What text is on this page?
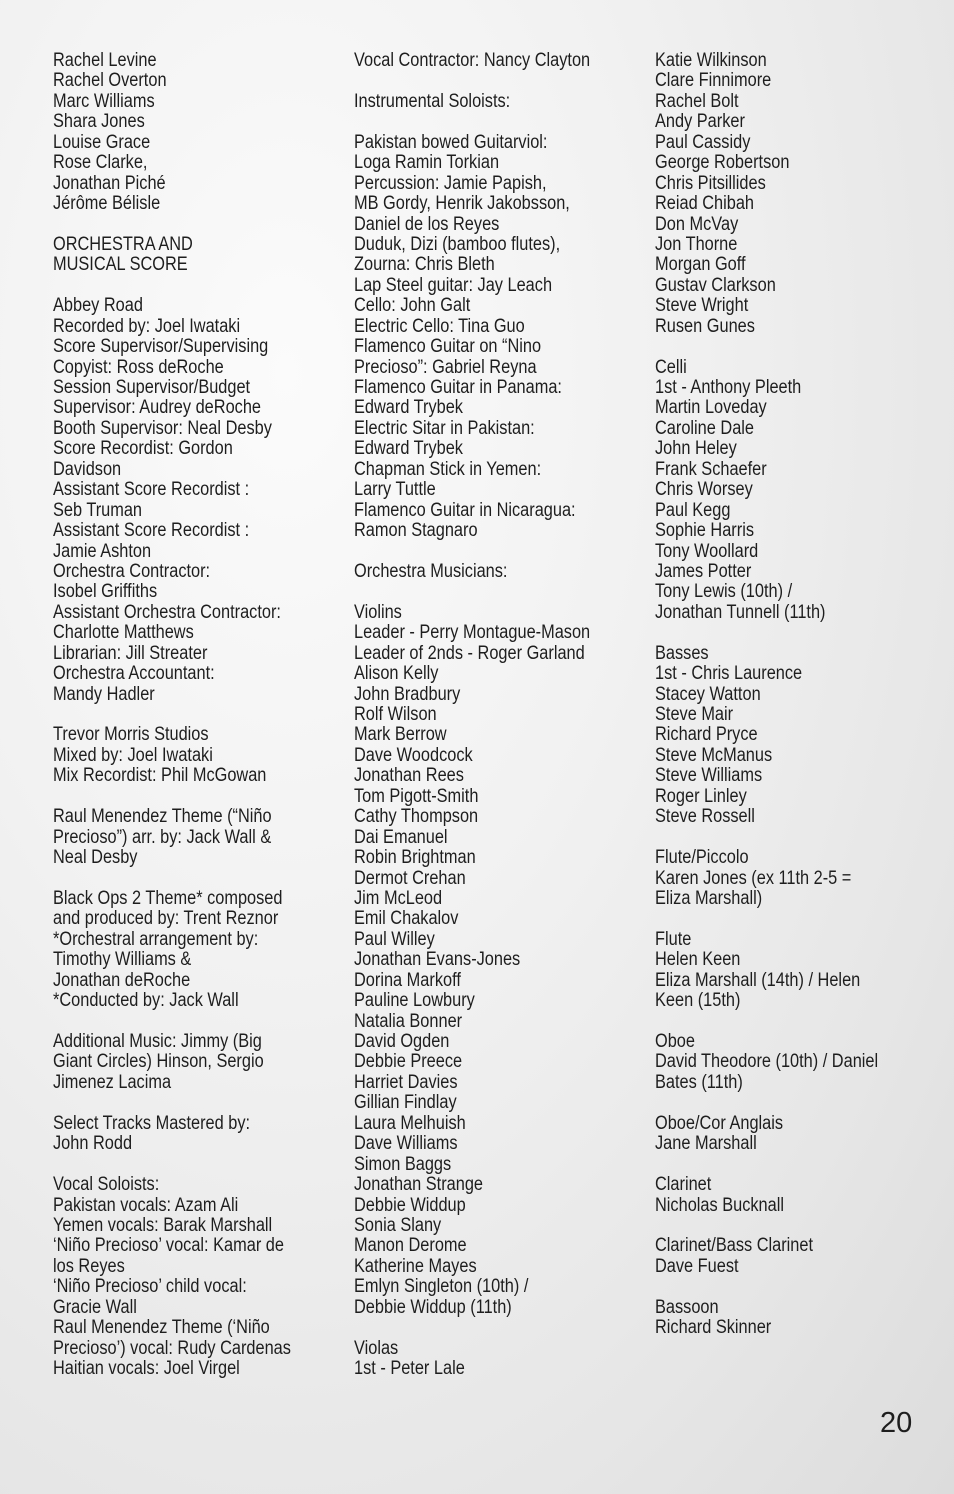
Rachel Levine
Rachel Overton
Marc Williams
Shara Jones
Louise Grace
Rose Clarke,
Jonathan Piché
Jérôme Bélisle
ORCHESTRA AND
MUSICAL SCORE
Abbey Road
Recorded by: Joel Iwataki
Score Supervisor/Supervising
Copyist: Ross deRoche
Session Supervisor/Budget
Supervisor: Audrey deRoche
Booth Supervisor: Neal Desby
Score Recordist: Gordon
Davidson
Assistant Score Recordist :
Seb Truman
Assistant Score Recordist :
Jamie Ashton
Orchestra Contractor:
Isobel Griffiths
Assistant Orchestra Contractor:
Charlotte Matthews
Librarian: Jill Streater
Orchestra Accountant:
Mandy Hadler
Trevor Morris Studios
Mixed by: Joel Iwataki
Mix Recordist: Phil McGowan
Raul Menendez Theme (“Niño
Precioso”) arr. by: Jack Wall &
Neal Desby
Black Ops 2 Theme* composed
and produced by: Trent Reznor
*Orchestral arrangement by:
Timothy Williams &
Jonathan deRoche
*Conducted by: Jack Wall
Additional Music: Jimmy (Big
Giant Circles) Hinson, Sergio
Jimenez Lacima
Select Tracks Mastered by:
John Rodd
Vocal Soloists:
Pakistan vocals: Azam Ali
Yemen vocals: Barak Marshall
‘Niño Precioso’ vocal: Kamar de
los Reyes
‘Niño Precioso’ child vocal:
Gracie Wall
Raul Menendez Theme (‘Niño
Precioso’) vocal: Rudy Cardenas
Haitian vocals: Joel Virgel
Vocal Contractor: Nancy Clayton
Instrumental Soloists:
Pakistan bowed Guitarviol:
Loga Ramin Torkian
Percussion: Jamie Papish,
MB Gordy, Henrik Jakobsson,
Daniel de los Reyes
Duduk, Dizi (bamboo flutes),
Zourna: Chris Bleth
Lap Steel guitar: Jay Leach
Cello: John Galt
Electric Cello: Tina Guo
Flamenco Guitar on “Nino
Precioso”: Gabriel Reyna
Flamenco Guitar in Panama:
Edward Trybek
Electric Sitar in Pakistan:
Edward Trybek
Chapman Stick in Yemen:
Larry Tuttle
Flamenco Guitar in Nicaragua:
Ramon Stagnaro
Orchestra Musicians:
Violins
Leader - Perry Montague-Mason
Leader of 2nds - Roger Garland
Alison Kelly
John Bradbury
Rolf Wilson
Mark Berrow
Dave Woodcock
Jonathan Rees
Tom Pigott-Smith
Cathy Thompson
Dai Emanuel
Robin Brightman
Dermot Crehan
Jim McLeod
Emil Chakalov
Paul Willey
Jonathan Evans-Jones
Dorina Markoff
Pauline Lowbury
Natalia Bonner
David Ogden
Debbie Preece
Harriet Davies
Gillian Findlay
Laura Melhuish
Dave Williams
Simon Baggs
Jonathan Strange
Debbie Widdup
Sonia Slany
Manon Derome
Katherine Mayes
Emlyn Singleton (10th) /
Debbie Widdup (11th)
Violas
1st - Peter Lale
Katie Wilkinson
Clare Finnimore
Rachel Bolt
Andy Parker
Paul Cassidy
George Robertson
Chris Pitsillides
Reiad Chibah
Don McVay
Jon Thorne
Morgan Goff
Gustav Clarkson
Steve Wright
Rusen Gunes
Celli
1st - Anthony Pleeth
Martin Loveday
Caroline Dale
John Heley
Frank Schaefer
Chris Worsey
Paul Kegg
Sophie Harris
Tony Woollard
James Potter
Tony Lewis (10th) /
Jonathan Tunnell (11th)
Basses
1st - Chris Laurence
Stacey Watton
Steve Mair
Richard Pryce
Steve McManus
Steve Williams
Roger Linley
Steve Rossell
Flute/Piccolo
Karen Jones (ex 11th 2-5 =
Eliza Marshall)
Flute
Helen Keen
Eliza Marshall (14th) / Helen
Keen (15th)
Oboe
David Theodore (10th) / Daniel
Bates (11th)
Oboe/Cor Anglais
Jane Marshall
Clarinet
Nicholas Bucknall
Clarinet/Bass Clarinet
Dave Fuest
Bassoon
Richard Skinner
20
